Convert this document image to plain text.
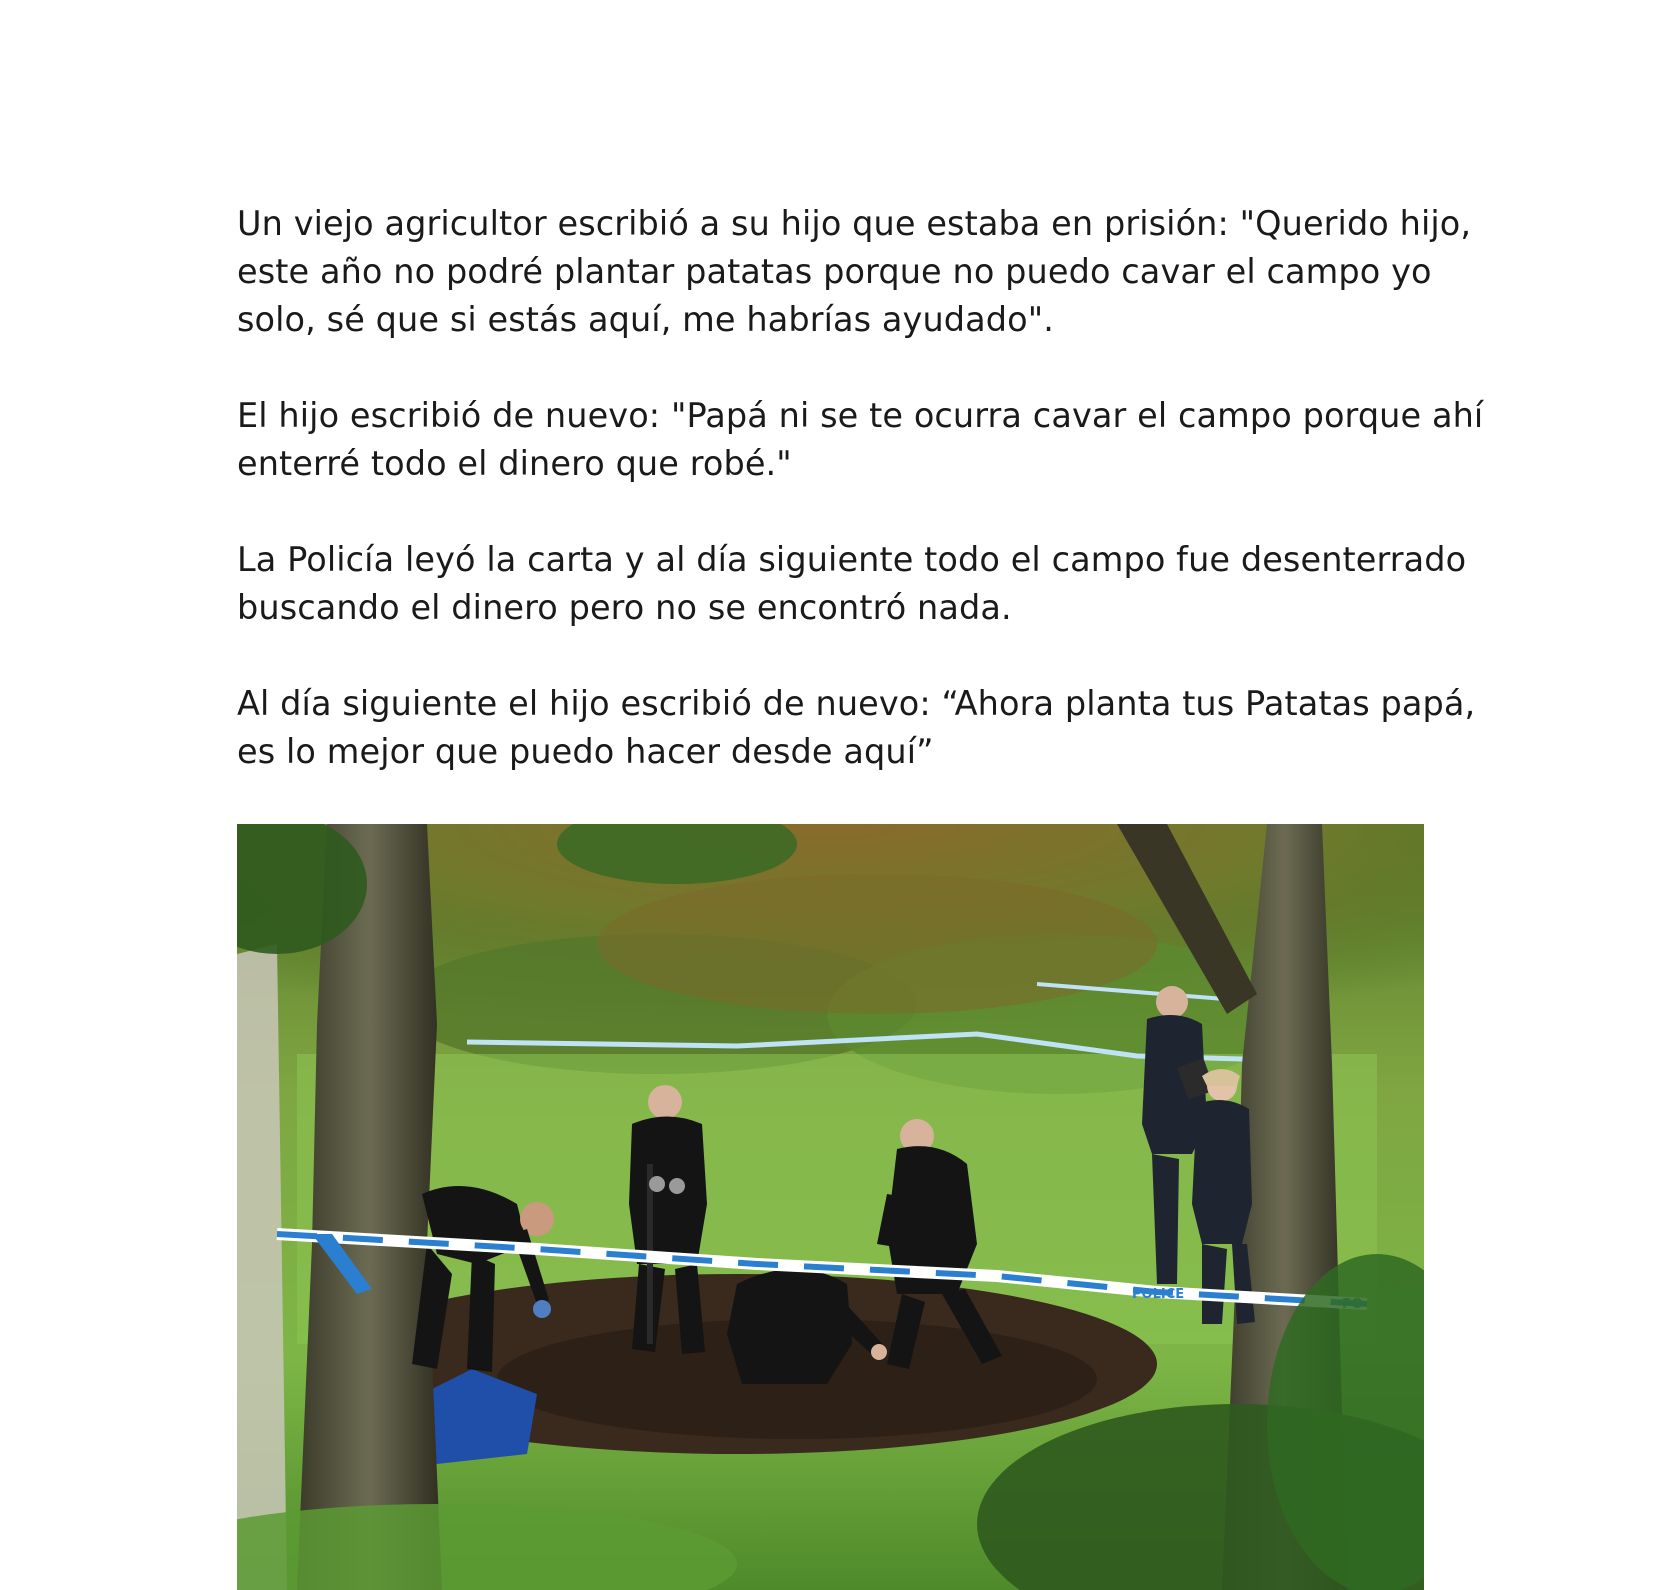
Un viejo agricultor escribió a su hijo que estaba en prisión: "Querido hijo,
este año no podré plantar patatas porque no puedo cavar el campo yo
solo, sé que si estás aquí, me habrías ayudado".

El hijo escribió de nuevo: "Papá ni se te ocurra cavar el campo porque ahí
enterré todo el dinero que robé."

La Policía leyó la carta y al día siguiente todo el campo fue desenterrado
buscando el dinero pero no se encontró nada.

Al día siguiente el hijo escribió de nuevo: “Ahora planta tus Patatas papá,
es lo mejor que puedo hacer desde aquí”

POLICE
